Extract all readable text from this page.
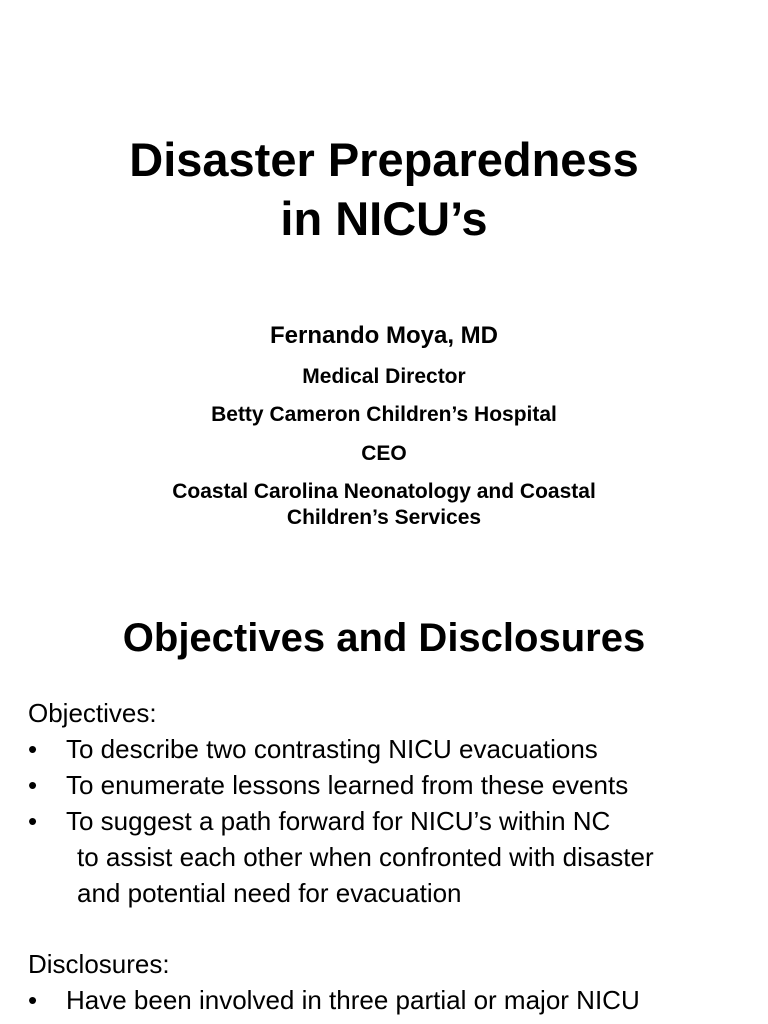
Disaster Preparedness
in NICU’s
Fernando Moya, MD
Medical Director
Betty Cameron Children’s Hospital
CEO
Coastal Carolina Neonatology and Coastal
Children’s Services
Objectives and Disclosures
Objectives:
• To describe two contrasting NICU evacuations
• To enumerate lessons learned from these events
• To suggest a path forward for NICU’s within NC
to assist each other when confronted with disaster
and potential need for evacuation
Disclosures:
• Have been involved in three partial or major NICU
